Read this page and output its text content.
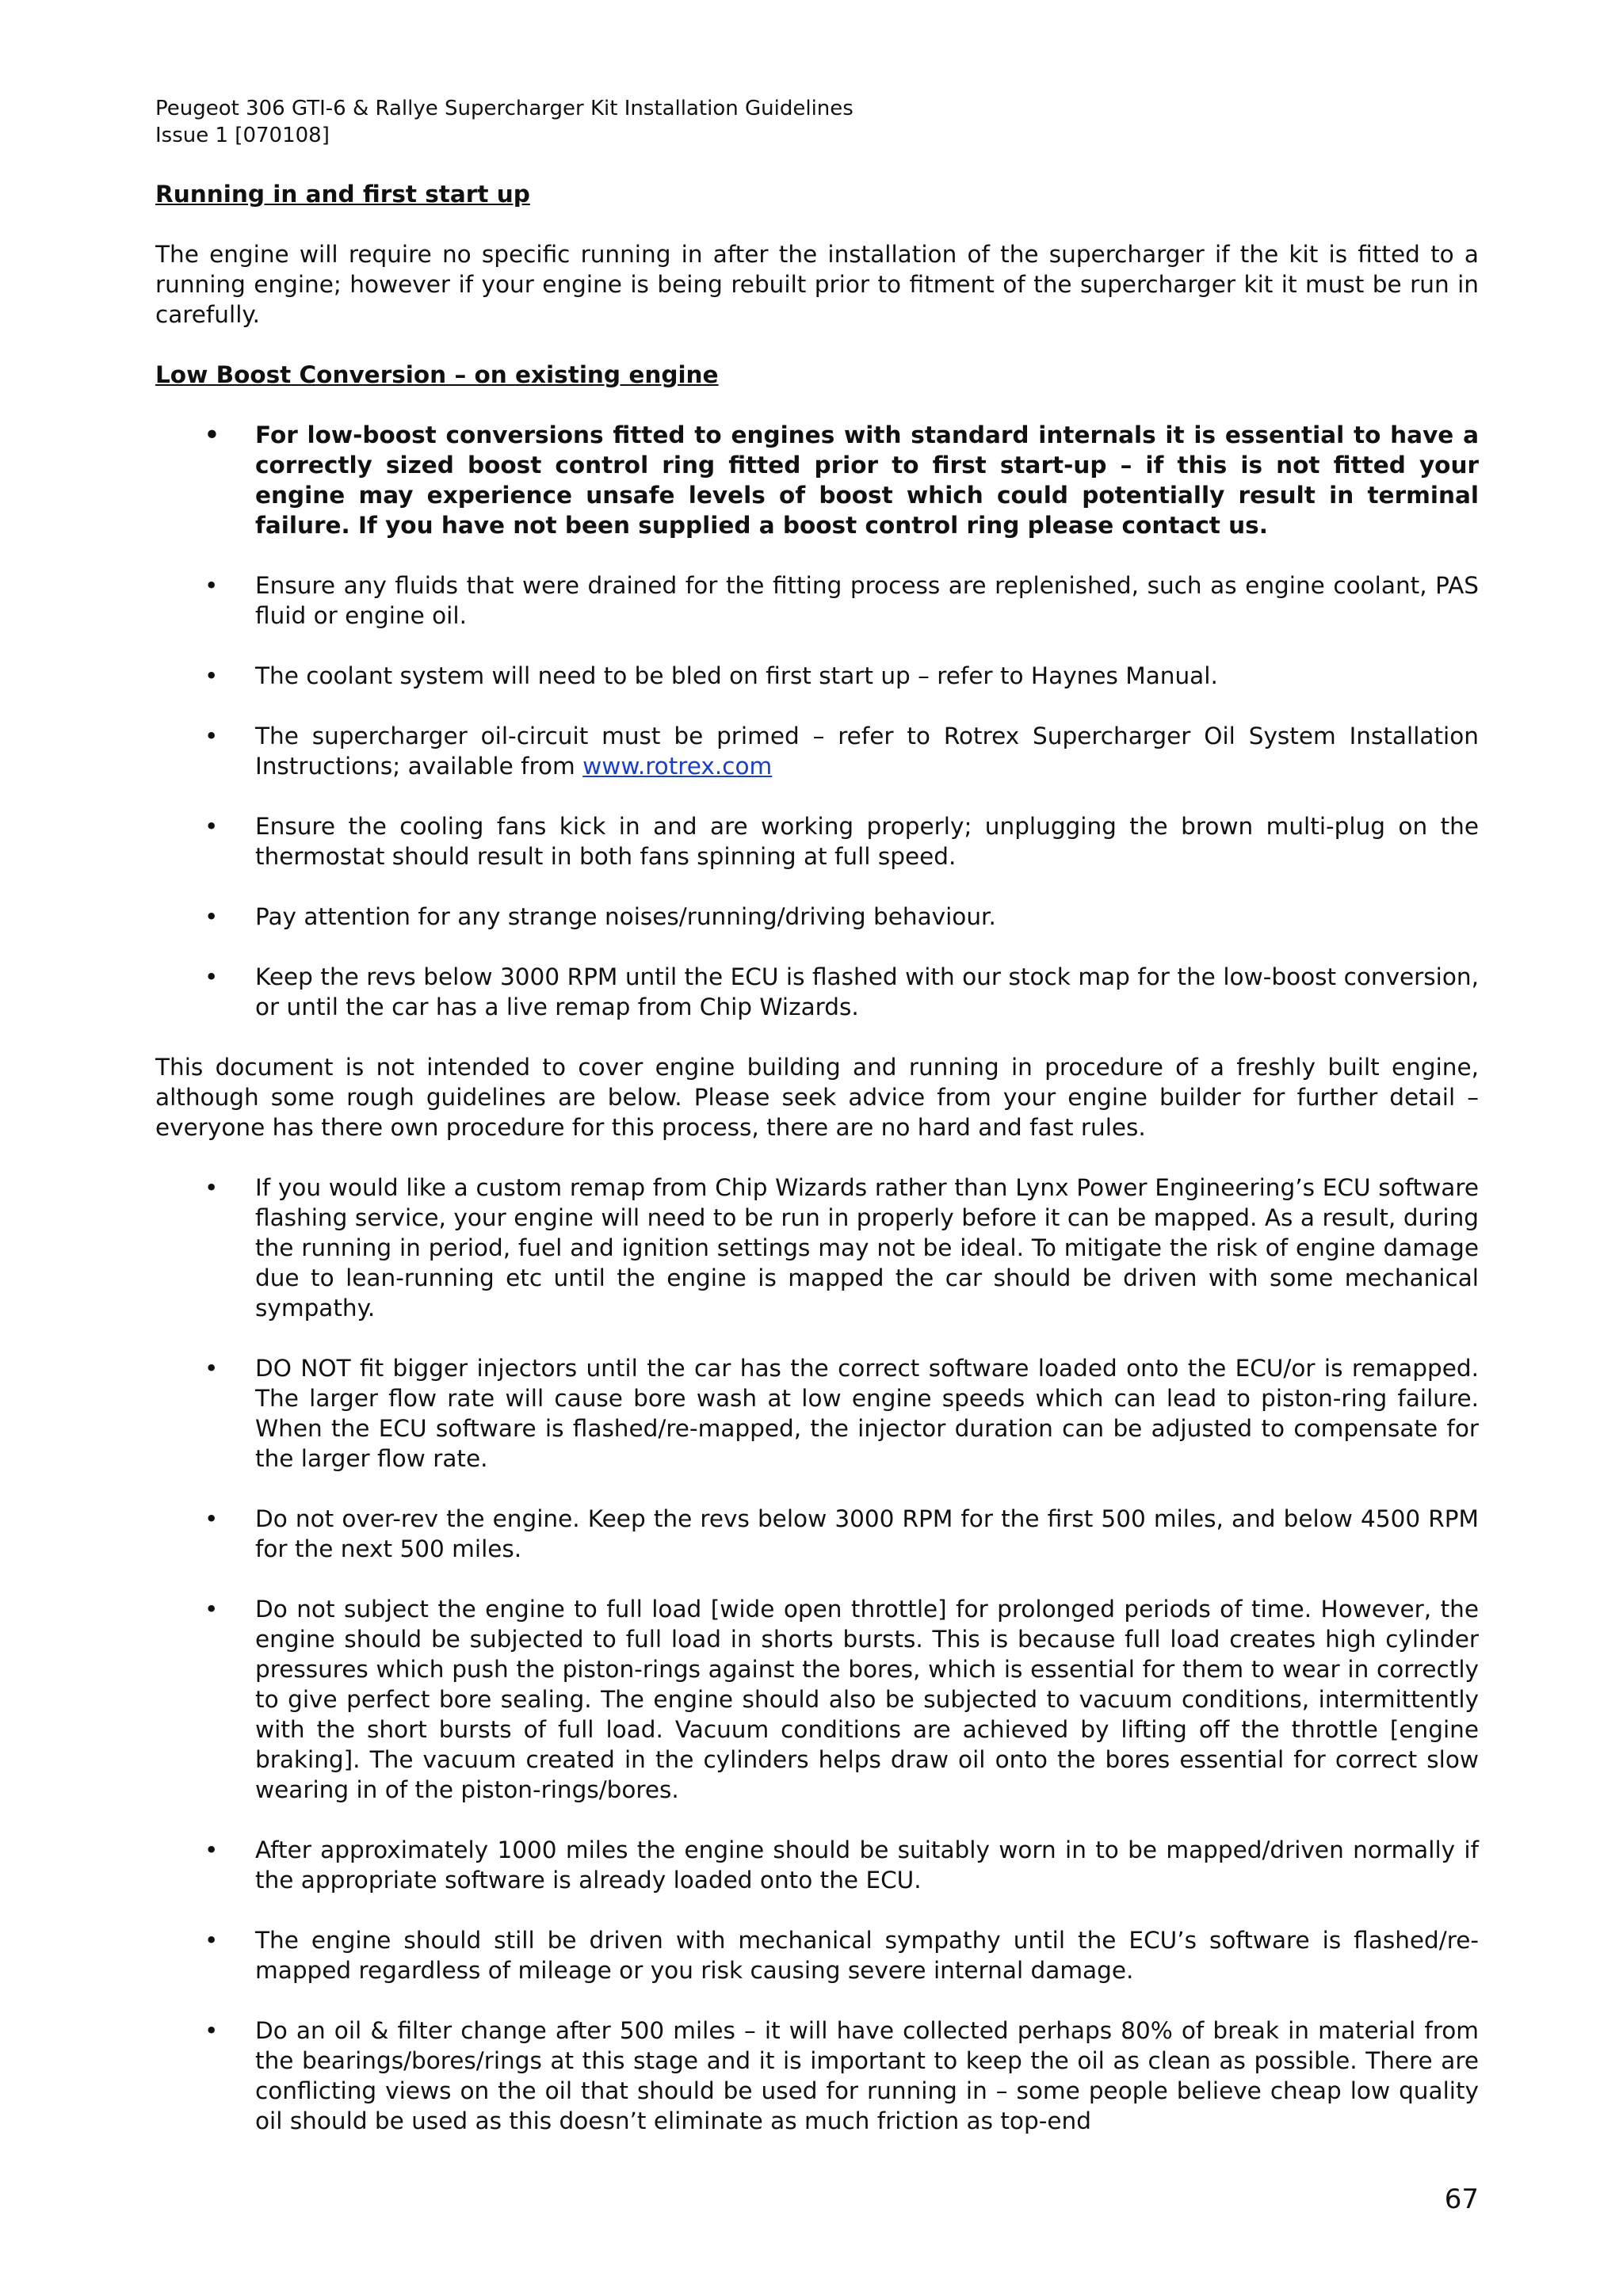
Peugeot 306 GTI-6 & Rallye Supercharger Kit Installation Guidelines

Issue 1 [070108]

Running in and first start up

The engine will require no specific running in after the installation of the supercharger if the kit is fitted to a running engine; however if your engine is being rebuilt prior to fitment of the supercharger kit it must be run in carefully.

Low Boost Conversion – on existing engine

• For low-boost conversions fitted to engines with standard internals it is essential to have a correctly sized boost control ring fitted prior to first start-up – if this is not fitted your engine may experience unsafe levels of boost which could potentially result in terminal failure. If you have not been supplied a boost control ring please contact us.
• Ensure any fluids that were drained for the fitting process are replenished, such as engine coolant, PAS fluid or engine oil.
• The coolant system will need to be bled on first start up – refer to Haynes Manual.
• The supercharger oil-circuit must be primed – refer to Rotrex Supercharger Oil System Installation Instructions; available from www.rotrex.com
• Ensure the cooling fans kick in and are working properly; unplugging the brown multi-plug on the thermostat should result in both fans spinning at full speed.
• Pay attention for any strange noises/running/driving behaviour.
• Keep the revs below 3000 RPM until the ECU is flashed with our stock map for the low-boost conversion, or until the car has a live remap from Chip Wizards.

This document is not intended to cover engine building and running in procedure of a freshly built engine, although some rough guidelines are below. Please seek advice from your engine builder for further detail – everyone has there own procedure for this process, there are no hard and fast rules.

• If you would like a custom remap from Chip Wizards rather than Lynx Power Engineering’s ECU software flashing service, your engine will need to be run in properly before it can be mapped. As a result, during the running in period, fuel and ignition settings may not be ideal. To mitigate the risk of engine damage due to lean-running etc until the engine is mapped the car should be driven with some mechanical sympathy.
• DO NOT fit bigger injectors until the car has the correct software loaded onto the ECU/or is remapped. The larger flow rate will cause bore wash at low engine speeds which can lead to piston-ring failure. When the ECU software is flashed/re-mapped, the injector duration can be adjusted to compensate for the larger flow rate.
• Do not over-rev the engine. Keep the revs below 3000 RPM for the first 500 miles, and below 4500 RPM for the next 500 miles.
• Do not subject the engine to full load [wide open throttle] for prolonged periods of time. However, the engine should be subjected to full load in shorts bursts. This is because full load creates high cylinder pressures which push the piston-rings against the bores, which is essential for them to wear in correctly to give perfect bore sealing. The engine should also be subjected to vacuum conditions, intermittently with the short bursts of full load. Vacuum conditions are achieved by lifting off the throttle [engine braking]. The vacuum created in the cylinders helps draw oil onto the bores essential for correct slow wearing in of the piston-rings/bores.
• After approximately 1000 miles the engine should be suitably worn in to be mapped/driven normally if the appropriate software is already loaded onto the ECU.
• The engine should still be driven with mechanical sympathy until the ECU’s software is flashed/re-mapped regardless of mileage or you risk causing severe internal damage.
• Do an oil & filter change after 500 miles – it will have collected perhaps 80% of break in material from the bearings/bores/rings at this stage and it is important to keep the oil as clean as possible. There are conflicting views on the oil that should be used for running in – some people believe cheap low quality oil should be used as this doesn’t eliminate as much friction as top-end
67
